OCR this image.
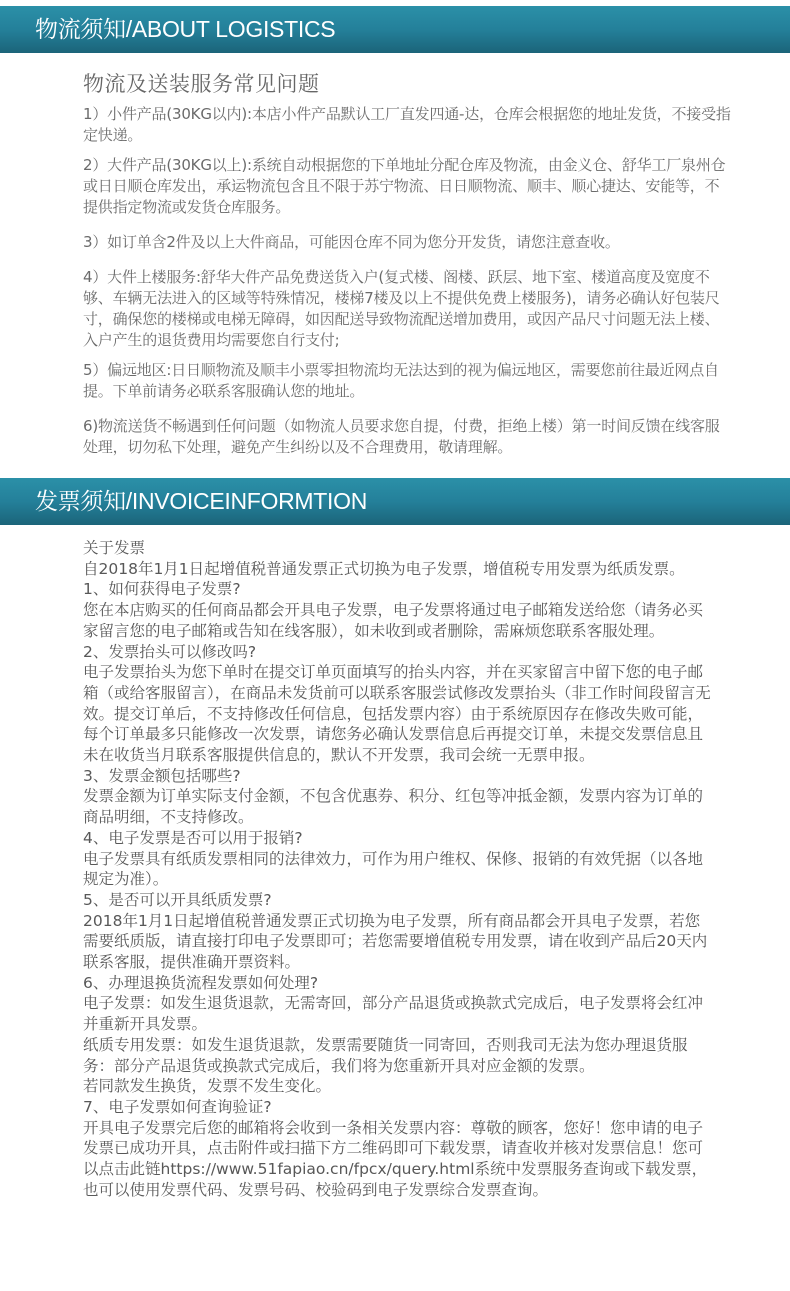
物流须知/ABOUT LOGISTICS
物流及送装服务常见问题

1）小件产品(30KG以内):本店小件产品默认工厂直发四通-达，仓库会根据您的地址发货，不接受指定快递。

2）大件产品(30KG以上):系统自动根据您的下单地址分配仓库及物流，由金义仓、舒华工厂泉州仓或日日顺仓库发出，承运物流包含且不限于苏宁物流、日日顺物流、顺丰、顺心捷达、安能等，不提供指定物流或发货仓库服务。

3）如订单含2件及以上大件商品，可能因仓库不同为您分开发货，请您注意查收。

4）大件上楼服务:舒华大件产品免费送货入户(复式楼、阁楼、跃层、地下室、楼道高度及宽度不够、车辆无法进入的区域等特殊情况，楼梯7楼及以上不提供免费上楼服务)，请务必确认好包装尺寸，确保您的楼梯或电梯无障碍，如因配送导致物流配送增加费用，或因产品尺寸问题无法上楼、入户产生的退货费用均需要您自行支付;

5）偏远地区:日日顺物流及顺丰小票零担物流均无法达到的视为偏远地区，需要您前往最近网点自提。下单前请务必联系客服确认您的地址。

6)物流送货不畅遇到任何问题（如物流人员要求您自提，付费，拒绝上楼）第一时间反馈在线客服处理，切勿私下处理，避免产生纠纷以及不合理费用，敬请理解。

发票须知/INVOICEINFORMTION

关于发票

自2018年1月1日起增值税普通发票正式切换为电子发票，增值税专用发票为纸质发票。

1、如何获得电子发票?

您在本店购买的任何商品都会开具电子发票，电子发票将通过电子邮箱发送给您（请务必买家留言您的电子邮箱或告知在线客服），如未收到或者删除，需麻烦您联系客服处理。

2、发票抬头可以修改吗?

电子发票抬头为您下单时在提交订单页面填写的抬头内容，并在买家留言中留下您的电子邮箱（或给客服留言），在商品未发货前可以联系客服尝试修改发票抬头（非工作时间段留言无效。提交订单后，不支持修改任何信息，包括发票内容）由于系统原因存在修改失败可能，每个订单最多只能修改一次发票，请您务必确认发票信息后再提交订单，未提交发票信息且未在收货当月联系客服提供信息的，默认不开发票，我司会统一无票申报。

3、发票金额包括哪些?

发票金额为订单实际支付金额，不包含优惠券、积分、红包等冲抵金额，发票内容为订单的商品明细，不支持修改。

4、电子发票是否可以用于报销?

电子发票具有纸质发票相同的法律效力，可作为用户维权、保修、报销的有效凭据（以各地规定为准）。

5、是否可以开具纸质发票?

2018年1月1日起增值税普通发票正式切换为电子发票，所有商品都会开具电子发票，若您需要纸质版，请直接打印电子发票即可；若您需要增值税专用发票，请在收到产品后20天内联系客服，提供准确开票资料。

6、办理退换货流程发票如何处理?

电子发票：如发生退货退款，无需寄回，部分产品退货或换款式完成后，电子发票将会红冲并重新开具发票。

纸质专用发票：如发生退货退款，发票需要随货一同寄回，否则我司无法为您办理退货服务：部分产品退货或换款式完成后，我们将为您重新开具对应金额的发票。

若同款发生换货，发票不发生变化。

7、电子发票如何查询验证?

开具电子发票完后您的邮箱将会收到一条相关发票内容：尊敬的顾客，您好！您申请的电子发票已成功开具，点击附件或扫描下方二维码即可下载发票，请查收并核对发票信息！您可以点击此链https://www.51fapiao.cn/fpcx/query.html系统中发票服务查询或下载发票，也可以使用发票代码、发票号码、校验码到电子发票综合发票查询。
